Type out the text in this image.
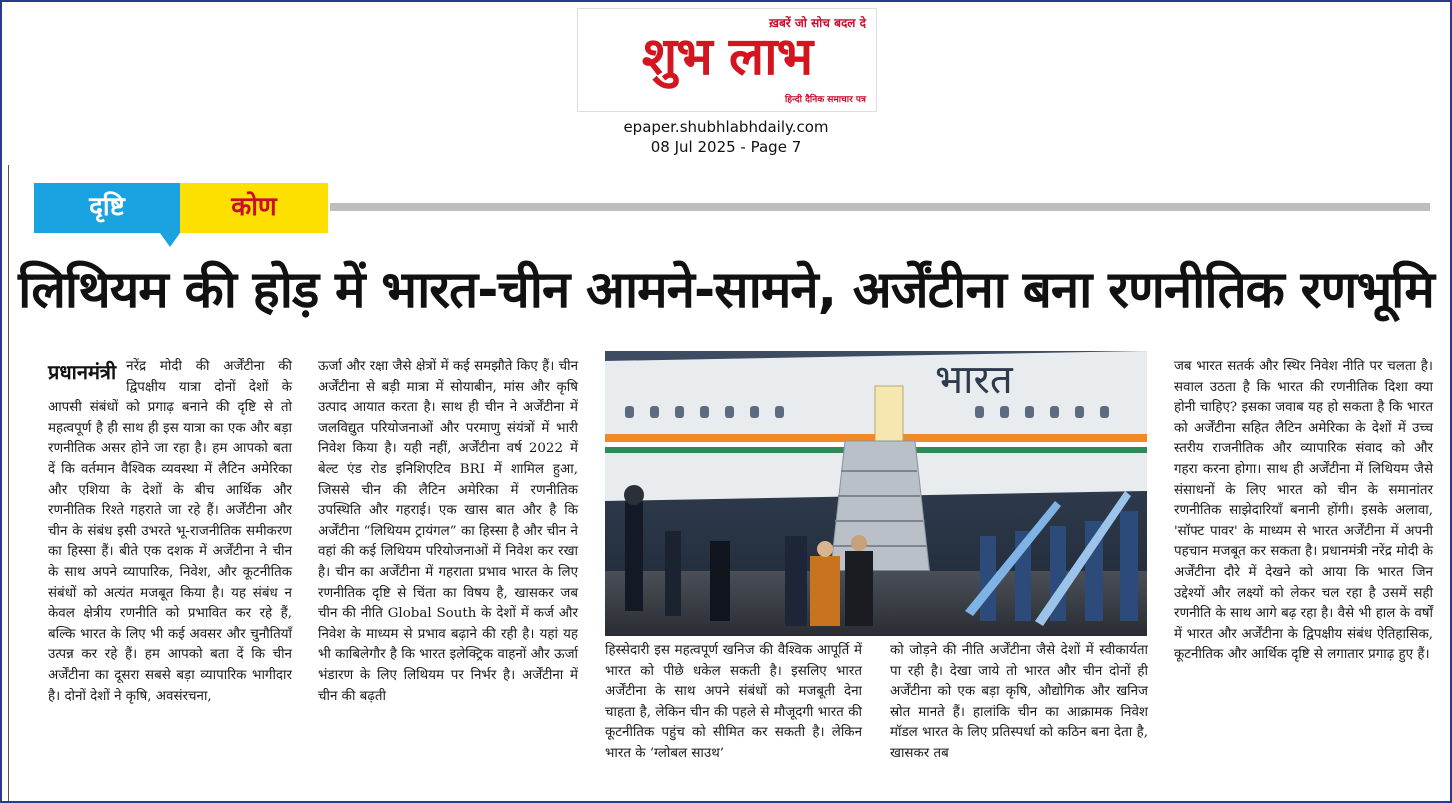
ख़बरें जो सोच बदल दे
शुभ लाभ
हिन्दी दैनिक समाचार पत्र
epaper.shubhlabhdaily.com
08 Jul 2025 - Page 7
दृष्टि	कोण
लिथियम की होड़ में भारत-चीन आमने-सामने, अर्जेंटीना बना रणनीतिक रणभूमि
प्रधानमंत्री नरेंद्र मोदी की अर्जेंटीना की द्विपक्षीय यात्रा दोनों देशों के आपसी संबंधों को प्रगाढ़ बनाने की दृष्टि से तो महत्वपूर्ण है ही साथ ही इस यात्रा का एक और बड़ा रणनीतिक असर होने जा रहा है। हम आपको बता दें कि वर्तमान वैश्विक व्यवस्था में लैटिन अमेरिका और एशिया के देशों के बीच आर्थिक और रणनीतिक रिश्ते गहराते जा रहे हैं। अर्जेंटीना और चीन के संबंध इसी उभरते भू-राजनीतिक समीकरण का हिस्सा हैं। बीते एक दशक में अर्जेंटीना ने चीन के साथ अपने व्यापारिक, निवेश, और कूटनीतिक संबंधों को अत्यंत मजबूत किया है। यह संबंध न केवल क्षेत्रीय रणनीति को प्रभावित कर रहे हैं, बल्कि भारत के लिए भी कई अवसर और चुनौतियाँ उत्पन्न कर रहे हैं। हम आपको बता दें कि चीन अर्जेंटीना का दूसरा सबसे बड़ा व्यापारिक भागीदार है। दोनों देशों ने कृषि, अवसंरचना,
ऊर्जा और रक्षा जैसे क्षेत्रों में कई समझौते किए हैं। चीन अर्जेंटीना से बड़ी मात्रा में सोयाबीन, मांस और कृषि उत्पाद आयात करता है। साथ ही चीन ने अर्जेंटीना में जलविद्युत परियोजनाओं और परमाणु संयंत्रों में भारी निवेश किया है। यही नहीं, अर्जेंटीना वर्ष 2022 में बेल्ट एंड रोड इनिशिएटिव BRI में शामिल हुआ, जिससे चीन की लैटिन अमेरिका में रणनीतिक उपस्थिति और गहराई। एक खास बात और है कि अर्जेंटीना “लिथियम ट्रायंगल” का हिस्सा है और चीन ने वहां की कई लिथियम परियोजनाओं में निवेश कर रखा है। चीन का अर्जेंटीना में गहराता प्रभाव भारत के लिए रणनीतिक दृष्टि से चिंता का विषय है, खासकर जब चीन की नीति Global South के देशों में कर्ज और निवेश के माध्यम से प्रभाव बढ़ाने की रही है। यहां यह भी काबिलेगौर है कि भारत इलेक्ट्रिक वाहनों और ऊर्जा भंडारण के लिए लिथियम पर निर्भर है। अर्जेंटीना में चीन की बढ़ती
भारत
हिस्सेदारी इस महत्वपूर्ण खनिज की वैश्विक आपूर्ति में भारत को पीछे धकेल सकती है। इसलिए भारत अर्जेंटीना के साथ अपने संबंधों को मजबूती देना चाहता है, लेकिन चीन की पहले से मौजूदगी भारत की कूटनीतिक पहुंच को सीमित कर सकती है। लेकिन भारत के ‘ग्लोबल साउथ’
को जोड़ने की नीति अर्जेंटीना जैसे देशों में स्वीकार्यता पा रही है। देखा जाये तो भारत और चीन दोनों ही अर्जेंटीना को एक बड़ा कृषि, औद्योगिक और खनिज स्रोत मानते हैं। हालांकि चीन का आक्रामक निवेश मॉडल भारत के लिए प्रतिस्पर्धा को कठिन बना देता है, खासकर तब
जब भारत सतर्क और स्थिर निवेश नीति पर चलता है। सवाल उठता है कि भारत की रणनीतिक दिशा क्या होनी चाहिए? इसका जवाब यह हो सकता है कि भारत को अर्जेंटीना सहित लैटिन अमेरिका के देशों में उच्च स्तरीय राजनीतिक और व्यापारिक संवाद को और गहरा करना होगा। साथ ही अर्जेंटीना में लिथियम जैसे संसाधनों के लिए भारत को चीन के समानांतर रणनीतिक साझेदारियाँ बनानी होंगी। इसके अलावा, 'सॉफ्ट पावर' के माध्यम से भारत अर्जेंटीना में अपनी पहचान मजबूत कर सकता है। प्रधानमंत्री नरेंद्र मोदी के अर्जेंटीना दौरे में देखने को आया कि भारत जिन उद्देश्यों और लक्ष्यों को लेकर चल रहा है उसमें सही रणनीति के साथ आगे बढ़ रहा है। वैसे भी हाल के वर्षों में भारत और अर्जेंटीना के द्विपक्षीय संबंध ऐतिहासिक, कूटनीतिक और आर्थिक दृष्टि से लगातार प्रगाढ़ हुए हैं।
